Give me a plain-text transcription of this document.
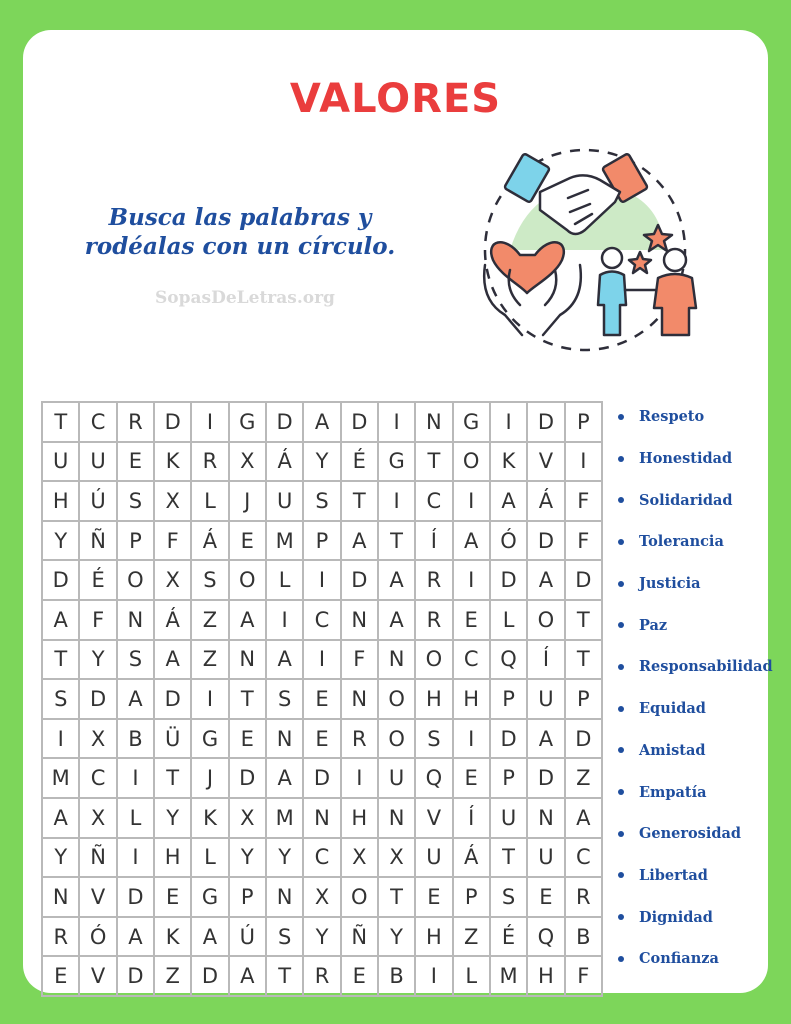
VALORES
Busca las palabras y
rodéalas con un círculo.
SopasDeLetras.org
T	C	R	D	I	G	D	A	D	I	N	G	I	D	P
U	U	E	K	R	X	Á	Y	É	G	T	O	K	V	I
H	Ú	S	X	L	J	U	S	T	I	C	I	A	Á	F
Y	Ñ	P	F	Á	E	M	P	A	T	Í	A	Ó	D	F
D	É	O	X	S	O	L	I	D	A	R	I	D	A	D
A	F	N	Á	Z	A	I	C	N	A	R	E	L	O	T
T	Y	S	A	Z	N	A	I	F	N	O	C	Q	Í	T
S	D	A	D	I	T	S	E	N	O	H	H	P	U	P
I	X	B	Ü	G	E	N	E	R	O	S	I	D	A	D
M	C	I	T	J	D	A	D	I	U	Q	E	P	D	Z
A	X	L	Y	K	X	M	N	H	N	V	Í	U	N	A
Y	Ñ	I	H	L	Y	Y	C	X	X	U	Á	T	U	C
N	V	D	E	G	P	N	X	O	T	E	P	S	E	R
R	Ó	A	K	A	Ú	S	Y	Ñ	Y	H	Z	É	Q	B
E	V	D	Z	D	A	T	R	E	B	I	L	M	H	F
Respeto
Honestidad
Solidaridad
Tolerancia
Justicia
Paz
Responsabilidad
Equidad
Amistad
Empatía
Generosidad
Libertad
Dignidad
Confianza
